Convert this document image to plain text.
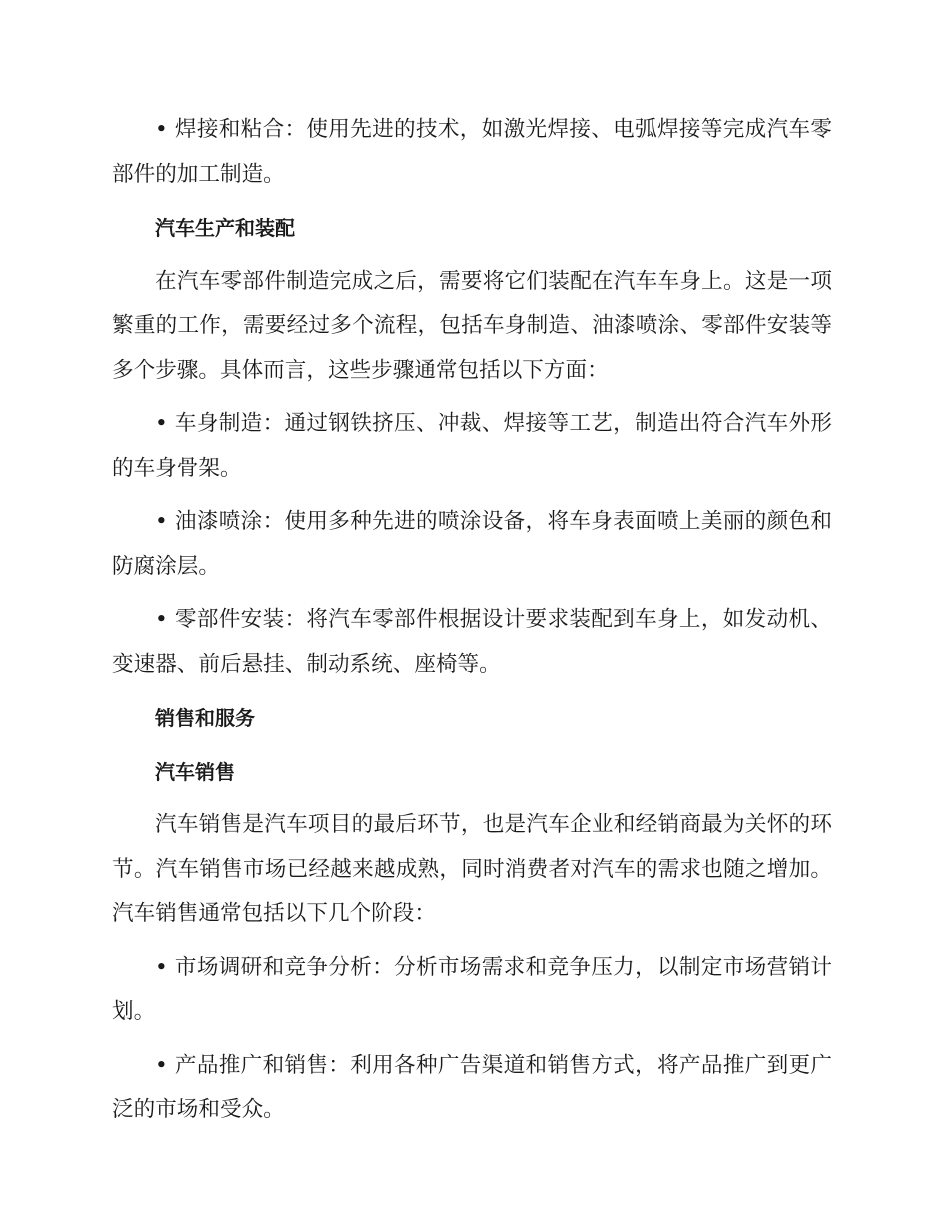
• 焊接和粘合：使用先进的技术，如激光焊接、电弧焊接等完成汽车零部件的加工制造。

汽车生产和装配

在汽车零部件制造完成之后，需要将它们装配在汽车车身上。这是一项繁重的工作，需要经过多个流程，包括车身制造、油漆喷涂、零部件安装等多个步骤。具体而言，这些步骤通常包括以下方面：

• 车身制造：通过钢铁挤压、冲裁、焊接等工艺，制造出符合汽车外形的车身骨架。

• 油漆喷涂：使用多种先进的喷涂设备，将车身表面喷上美丽的颜色和防腐涂层。

• 零部件安装：将汽车零部件根据设计要求装配到车身上，如发动机、变速器、前后悬挂、制动系统、座椅等。

销售和服务

汽车销售

汽车销售是汽车项目的最后环节，也是汽车企业和经销商最为关怀的环节。汽车销售市场已经越来越成熟，同时消费者对汽车的需求也随之增加。汽车销售通常包括以下几个阶段：

• 市场调研和竞争分析：分析市场需求和竞争压力，以制定市场营销计划。

• 产品推广和销售：利用各种广告渠道和销售方式，将产品推广到更广泛的市场和受众。
